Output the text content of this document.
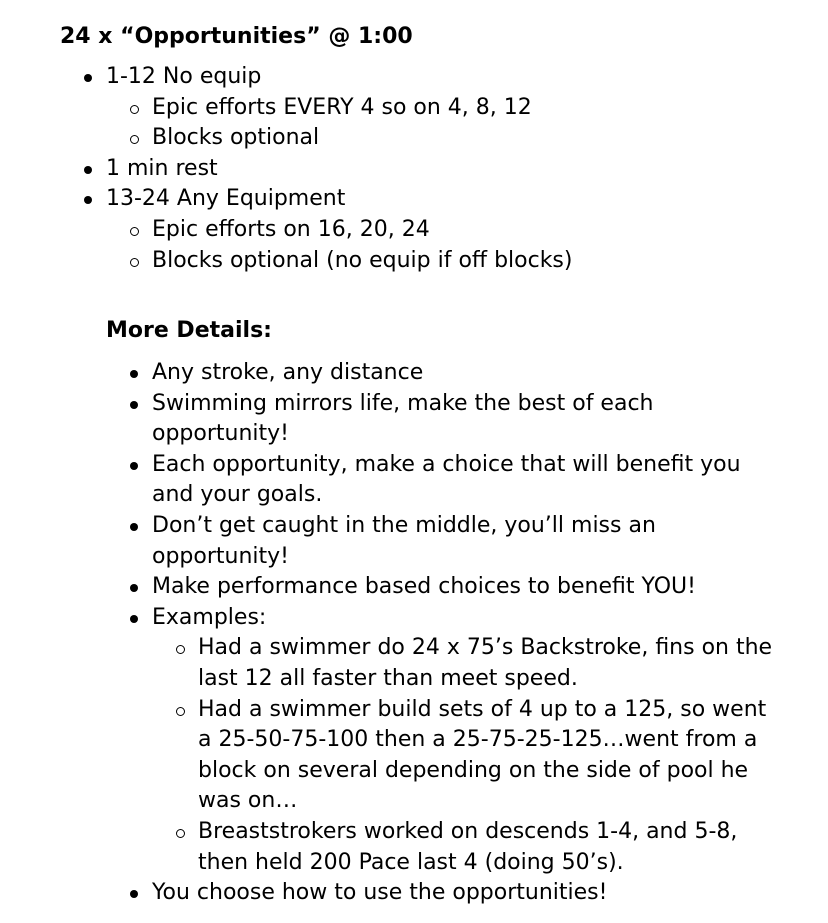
24 x “Opportunities” @ 1:00
1-12 No equip
Epic efforts EVERY 4 so on 4, 8, 12
Blocks optional
1 min rest
13-24 Any Equipment
Epic efforts on 16, 20, 24
Blocks optional (no equip if off blocks)
More Details:
Any stroke, any distance
Swimming mirrors life, make the best of each opportunity!
Each opportunity, make a choice that will benefit you and your goals.
Don’t get caught in the middle, you’ll miss an opportunity!
Make performance based choices to benefit YOU!
Examples:
Had a swimmer do 24 x 75’s Backstroke, fins on the last 12 all faster than meet speed.
Had a swimmer build sets of 4 up to a 125, so went a 25-50-75-100 then a 25-75-25-125…went from a block on several depending on the side of pool he was on…
Breaststrokers worked on descends 1-4, and 5-8, then held 200 Pace last 4 (doing 50’s).
You choose how to use the opportunities!
